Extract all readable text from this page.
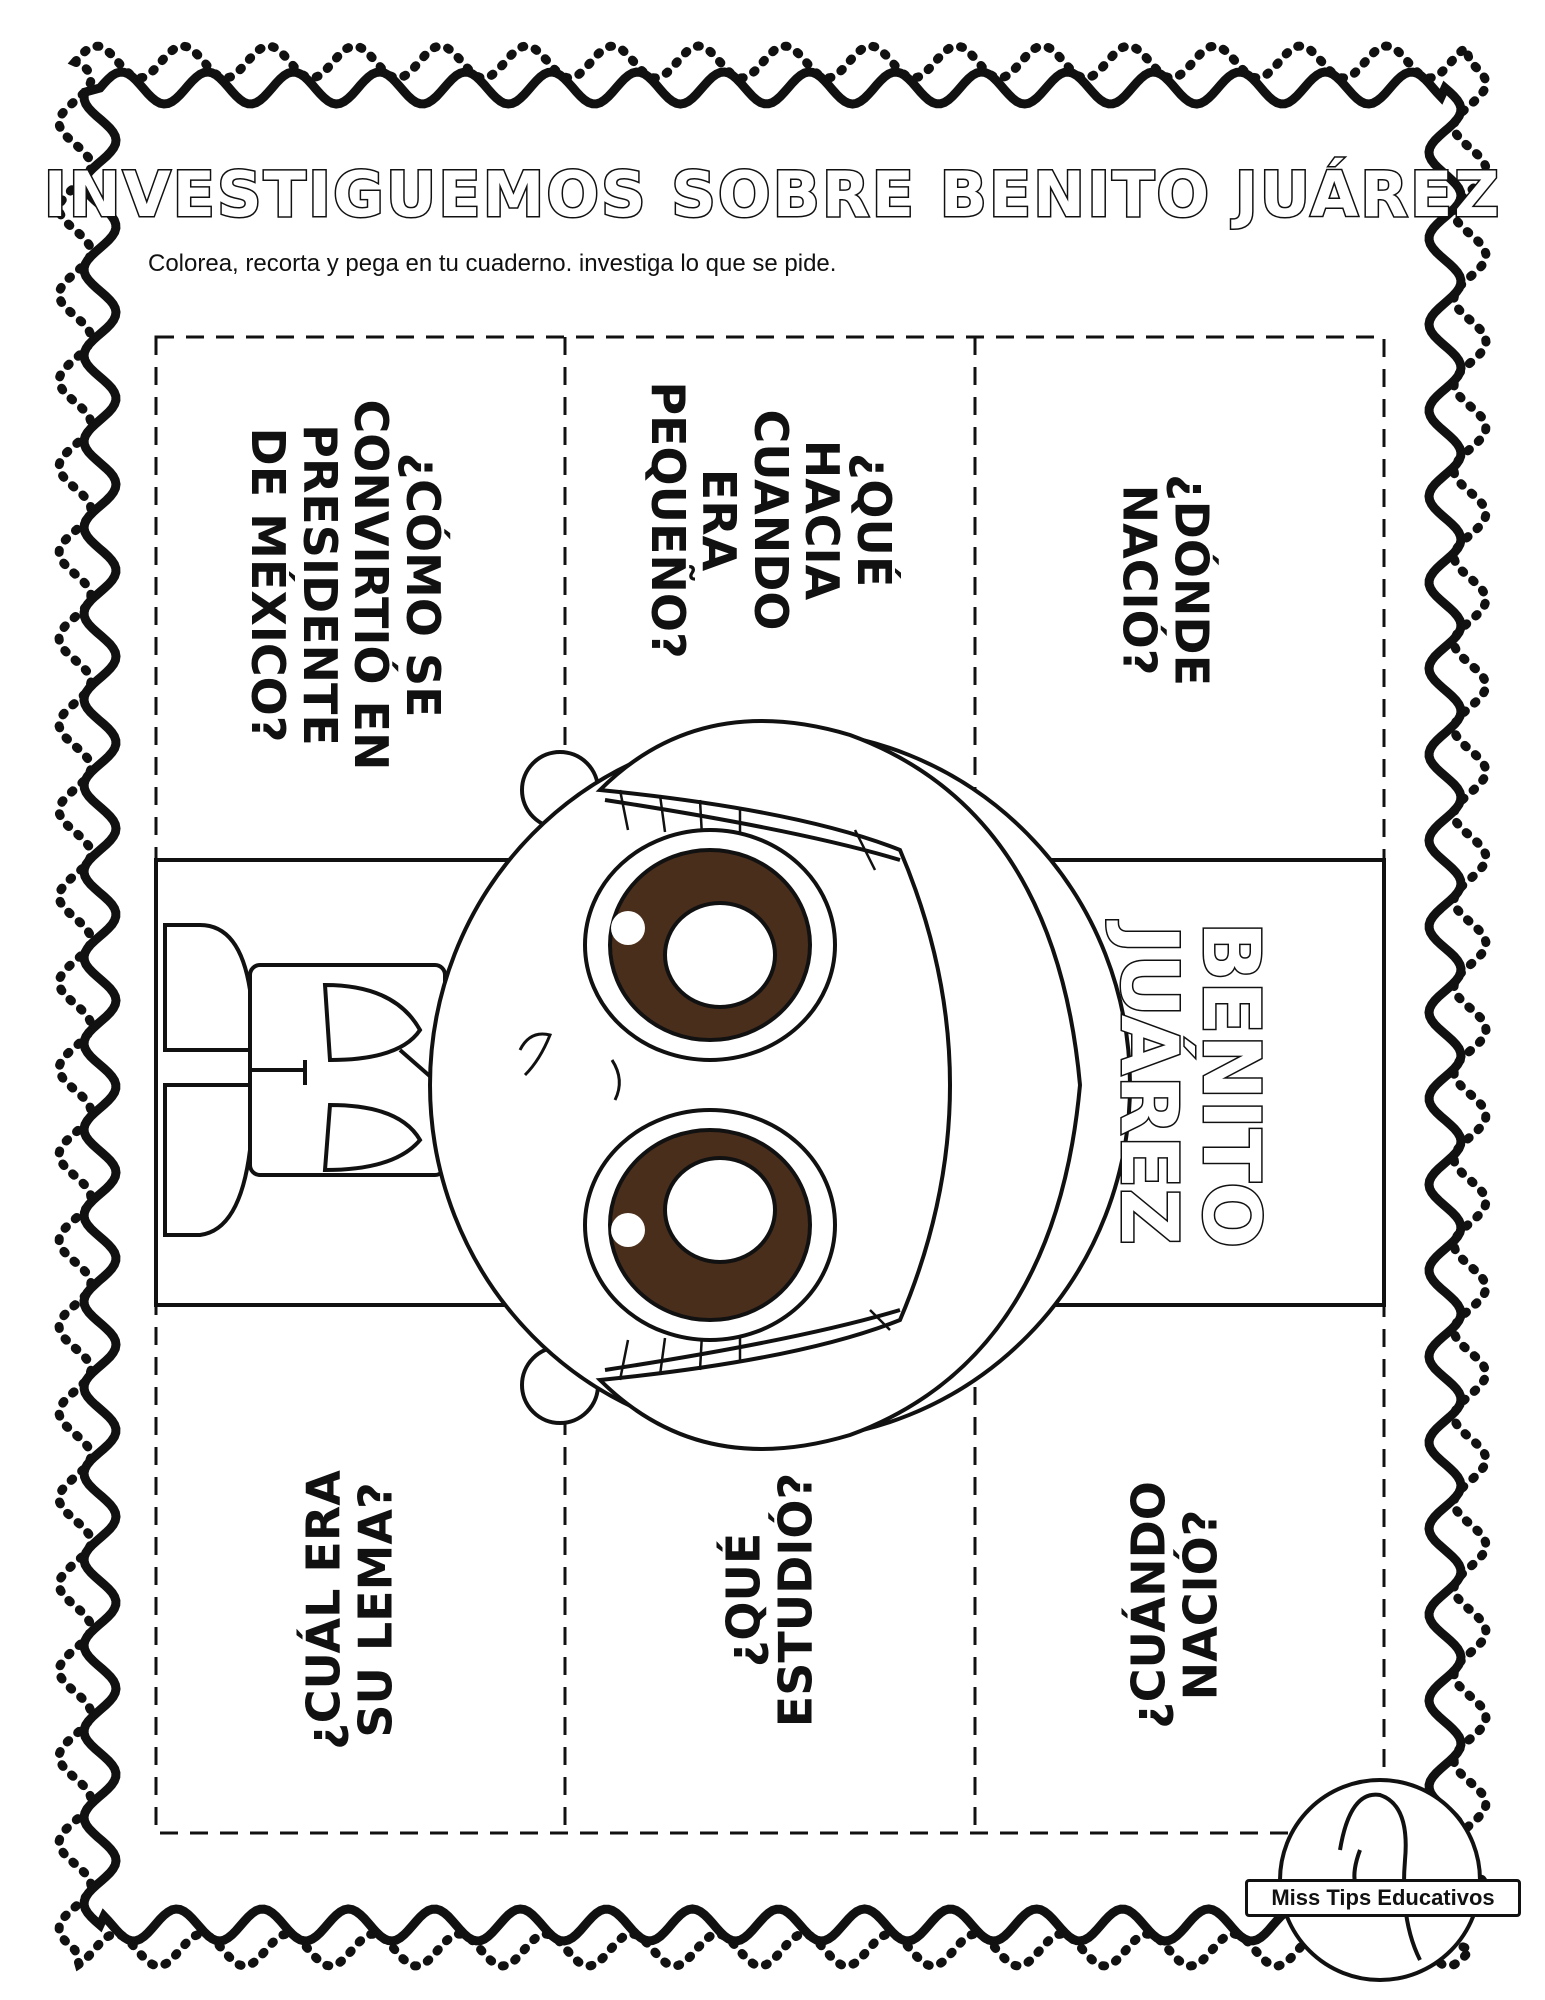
INVESTIGUEMOS SOBRE BENITO JUÁREZ
Colorea, recorta y pega en tu cuaderno. investiga lo que se pide.
¿CÓMO SE
CONVIRTIÓ EN
PRESIDENTE
DE MÉXICO?	¿QUÉ
HACIA
CUANDO
ERA
PEQUEÑO?	¿DÓNDE
NACIÓ?
¿CUÁL ERA
SU LEMA?	¿QUÉ
ESTUDIÓ?	¿CUÁNDO
NACIÓ?
BENITO
JUÁREZ
Miss Tips Educativos
